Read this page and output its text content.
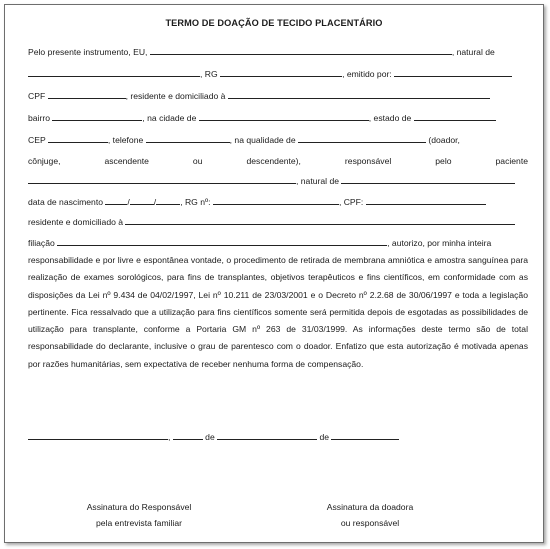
TERMO DE DOAÇÃO DE TECIDO PLACENTÁRIO
Pelo presente instrumento, EU,	, natural de
, RG	, emitido por:
CPF	, residente e domiciliado à
bairro	, na cidade de	, estado de
CEP	, telefone	, na qualidade de	(doador,
cônjuge, ascendente ou descendente), responsável pelo paciente
, natural de
data de nascimento	/	/	, RG nº:	, CPF:
residente e domiciliado à
filiação	, autorizo, por minha inteira
responsabilidade e por livre e espontânea vontade, o procedimento de retirada de membrana amniótica e amostra sanguínea para realização de exames sorológicos, para fins de transplantes, objetivos terapêuticos e fins científicos, em conformidade com as disposições da Lei nº 9.434 de 04/02/1997, Lei nº 10.211 de 23/03/2001 e o Decreto nº 2.2.68 de 30/06/1997 e toda a legislação pertinente. Fica ressalvado que a utilização para fins científicos somente será permitida depois de esgotadas as possibilidades de utilização para transplante, conforme a Portaria GM nº 263 de 31/03/1999. As informações deste termo são de total responsabilidade do declarante, inclusive o grau de parentesco com o doador. Enfatizo que esta autorização é motivada apenas por razões humanitárias, sem expectativa de receber nenhuma forma de compensação.
,	de	de
Assinatura do Responsável
pela entrevista familiar
Assinatura da doadora
ou responsável
